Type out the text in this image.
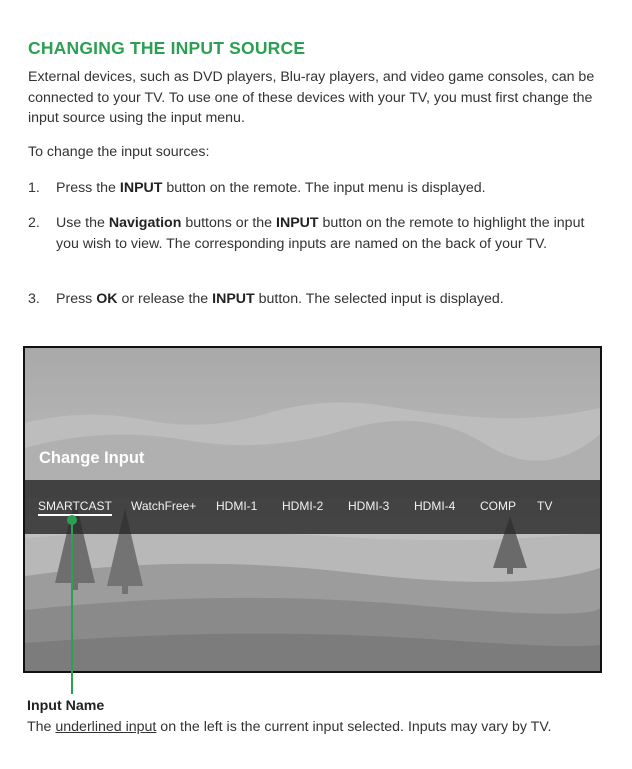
CHANGING THE INPUT SOURCE

External devices, such as DVD players, Blu-ray players, and video game consoles, can be connected to your TV. To use one of these devices with your TV, you must first change the input source using the input menu.

To change the input sources:

1. Press the INPUT button on the remote. The input menu is displayed.
2. Use the Navigation buttons or the INPUT button on the remote to highlight the input you wish to view. The corresponding inputs are named on the back of your TV.
3. Press OK or release the INPUT button. The selected input is displayed.
Change Input
SMARTCAST WatchFree+ HDMI-1 HDMI-2 HDMI-3 HDMI-4 COMP TV
Input Name
The underlined input on the left is the current input selected. Inputs may vary by TV.
